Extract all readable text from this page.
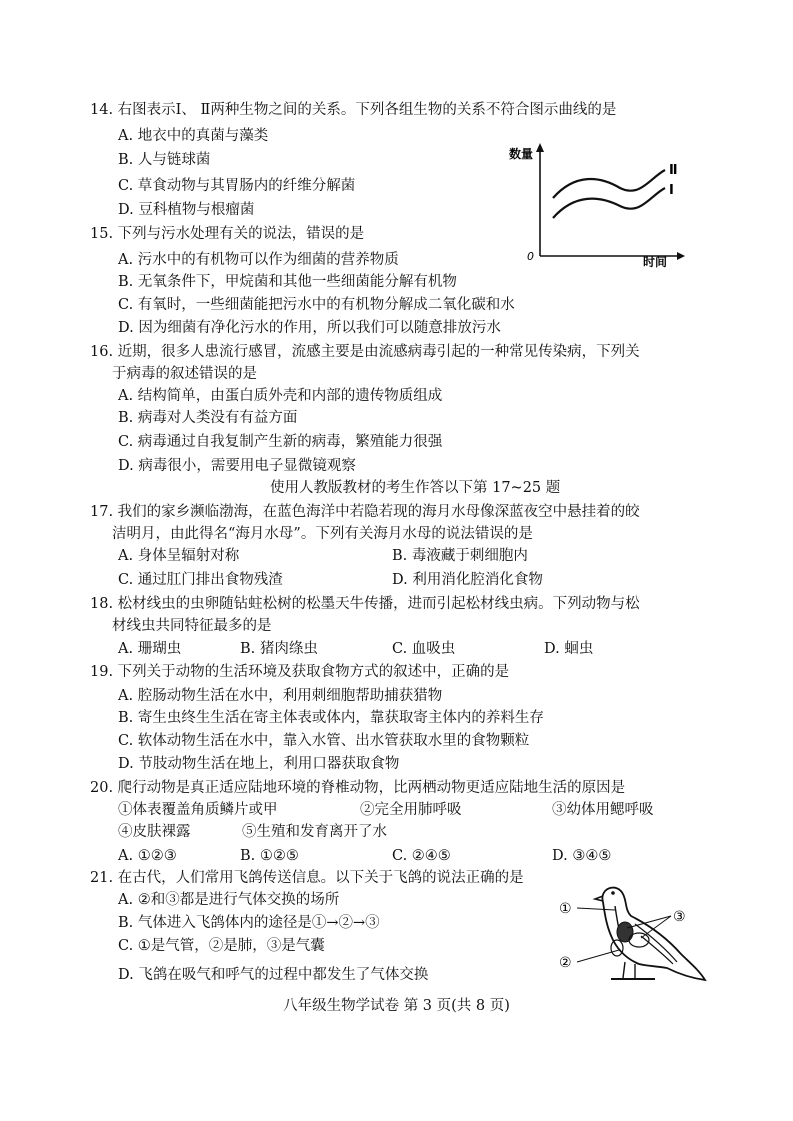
14. 右图表示Ⅰ、 Ⅱ两种生物之间的关系。下列各组生物的关系不符合图示曲线的是
A. 地衣中的真菌与藻类
B. 人与链球菌
C. 草食动物与其胃肠内的纤维分解菌
D. 豆科植物与根瘤菌
数量
0	时间
Ⅱ
Ⅰ
15. 下列与污水处理有关的说法，错误的是
A. 污水中的有机物可以作为细菌的营养物质
B. 无氧条件下，甲烷菌和其他一些细菌能分解有机物
C. 有氧时，一些细菌能把污水中的有机物分解成二氧化碳和水
D. 因为细菌有净化污水的作用，所以我们可以随意排放污水
16. 近期，很多人患流行感冒，流感主要是由流感病毒引起的一种常见传染病，下列关
于病毒的叙述错误的是
A. 结构简单，由蛋白质外壳和内部的遗传物质组成
B. 病毒对人类没有有益方面
C. 病毒通过自我复制产生新的病毒，繁殖能力很强
D. 病毒很小，需要用电子显微镜观察
使用人教版教材的考生作答以下第 17~25 题
17. 我们的家乡濒临渤海，在蓝色海洋中若隐若现的海月水母像深蓝夜空中悬挂着的皎
洁明月，由此得名“海月水母”。下列有关海月水母的说法错误的是
A. 身体呈辐射对称	B. 毒液藏于刺细胞内
C. 通过肛门排出食物残渣	D. 利用消化腔消化食物
18. 松材线虫的虫卵随钻蛀松树的松墨天牛传播，进而引起松材线虫病。下列动物与松
材线虫共同特征最多的是
A. 珊瑚虫	B. 猪肉绦虫	C. 血吸虫	D. 蛔虫
19. 下列关于动物的生活环境及获取食物方式的叙述中，正确的是
A. 腔肠动物生活在水中，利用刺细胞帮助捕获猎物
B. 寄生虫终生生活在寄主体表或体内，靠获取寄主体内的养料生存
C. 软体动物生活在水中，靠入水管、出水管获取水里的食物颗粒
D. 节肢动物生活在地上，利用口器获取食物
20. 爬行动物是真正适应陆地环境的脊椎动物，比两栖动物更适应陆地生活的原因是
①体表覆盖角质鳞片或甲	②完全用肺呼吸	③幼体用鳃呼吸
④皮肤裸露	⑤生殖和发育离开了水
A. ①②③	B. ①②⑤	C. ②④⑤	D. ③④⑤
21. 在古代，人们常用飞鸽传送信息。以下关于飞鸽的说法正确的是
A. ②和③都是进行气体交换的场所
B. 气体进入飞鸽体内的途径是①→②→③
C. ①是气管，②是肺，③是气囊
D. 飞鸽在吸气和呼气的过程中都发生了气体交换
①
②
③
八年级生物学试卷 第 3 页(共 8 页)
